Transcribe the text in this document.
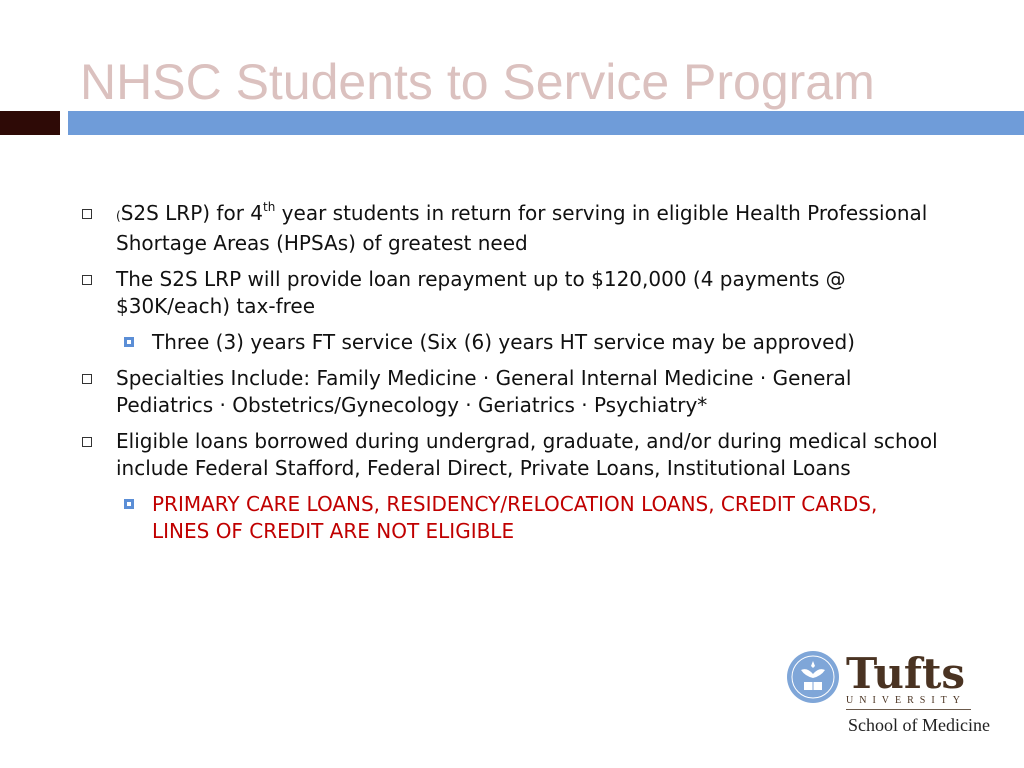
NHSC Students to Service Program
(S2S LRP) for 4th year students in return for serving in eligible Health Professional Shortage Areas (HPSAs) of greatest need
The S2S LRP will provide loan repayment up to $120,000 (4 payments @ $30K/each) tax-free
Three (3) years FT service (Six (6) years HT service may be approved)
Specialties Include: Family Medicine · General Internal Medicine · General Pediatrics · Obstetrics/Gynecology · Geriatrics · Psychiatry*
Eligible loans borrowed during undergrad, graduate, and/or during medical school include Federal Stafford, Federal Direct, Private Loans, Institutional Loans
PRIMARY CARE LOANS, RESIDENCY/RELOCATION LOANS, CREDIT CARDS, LINES OF CREDIT ARE NOT ELIGIBLE
Tufts
UNIVERSITY
School of Medicine
